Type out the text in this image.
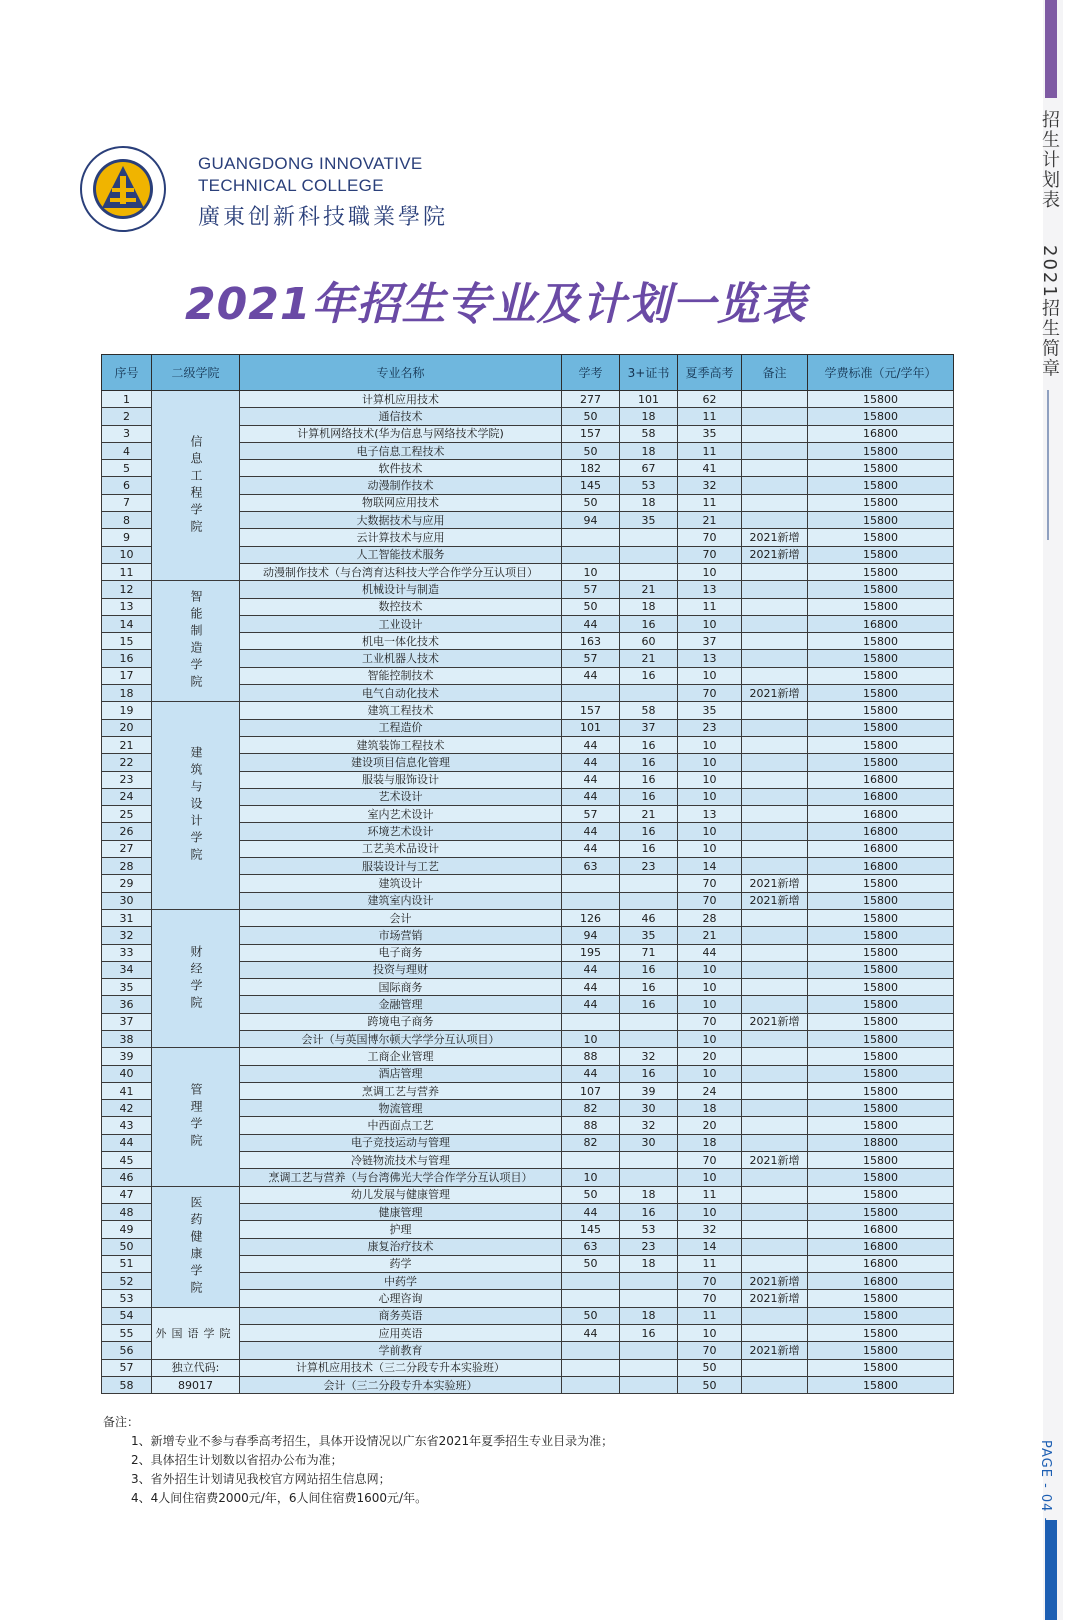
招生计划表
2021招生简章
PAGE - 04 -
GUANGDONG INNOVATIVE
TECHNICAL COLLEGE
廣東创新科技職業學院
2021年招生专业及计划一览表
序号	二级学院	专业名称	学考	3+证书	夏季高考	备注	学费标准（元/学年）
1	信息工程学院	计算机应用技术	277	101	62		15800
2		通信技术	50	18	11		15800
3		计算机网络技术(华为信息与网络技术学院)	157	58	35		16800
4		电子信息工程技术	50	18	11		15800
5		软件技术	182	67	41		15800
6		动漫制作技术	145	53	32		15800
7		物联网应用技术	50	18	11		15800
8		大数据技术与应用	94	35	21		15800
9		云计算技术与应用			70	2021新增	15800
10		人工智能技术服务			70	2021新增	15800
11		动漫制作技术（与台湾育达科技大学合作学分互认项目）	10		10		15800
12	智能制造学院	机械设计与制造	57	21	13		15800
13		数控技术	50	18	11		15800
14		工业设计	44	16	10		16800
15		机电一体化技术	163	60	37		15800
16		工业机器人技术	57	21	13		15800
17		智能控制技术	44	16	10		15800
18		电气自动化技术			70	2021新增	15800
19	建筑与设计学院	建筑工程技术	157	58	35		15800
20		工程造价	101	37	23		15800
21		建筑装饰工程技术	44	16	10		15800
22		建设项目信息化管理	44	16	10		15800
23		服装与服饰设计	44	16	10		16800
24		艺术设计	44	16	10		16800
25		室内艺术设计	57	21	13		16800
26		环境艺术设计	44	16	10		16800
27		工艺美术品设计	44	16	10		16800
28		服装设计与工艺	63	23	14		16800
29		建筑设计			70	2021新增	15800
30		建筑室内设计			70	2021新增	15800
31	财经学院	会计	126	46	28		15800
32		市场营销	94	35	21		15800
33		电子商务	195	71	44		15800
34		投资与理财	44	16	10		15800
35		国际商务	44	16	10		15800
36		金融管理	44	16	10		15800
37		跨境电子商务			70	2021新增	15800
38		会计（与英国博尔顿大学学分互认项目）	10		10		15800
39	管理学院	工商企业管理	88	32	20		15800
40		酒店管理	44	16	10		15800
41		烹调工艺与营养	107	39	24		15800
42		物流管理	82	30	18		15800
43		中西面点工艺	88	32	20		15800
44		电子竞技运动与管理	82	30	18		18800
45		冷链物流技术与管理			70	2021新增	15800
46		烹调工艺与营养（与台湾佛光大学合作学分互认项目）	10		10		15800
47	医药健康学院	幼儿发展与健康管理	50	18	11		15800
48		健康管理	44	16	10		15800
49		护理	145	53	32		16800
50		康复治疗技术	63	23	14		16800
51		药学	50	18	11		16800
52		中药学			70	2021新增	16800
53		心理咨询			70	2021新增	15800
54	外国语学院	商务英语	50	18	11		15800
55		应用英语	44	16	10		15800
56		学前教育			70	2021新增	15800
57	独立代码:	计算机应用技术（三二分段专升本实验班）			50		15800
58	89017	会计（三二分段专升本实验班）			50		15800
备注：
1、新增专业不参与春季高考招生，具体开设情况以广东省2021年夏季招生专业目录为准；
2、具体招生计划数以省招办公布为准；
3、省外招生计划请见我校官方网站招生信息网；
4、4人间住宿费2000元/年，6人间住宿费1600元/年。
